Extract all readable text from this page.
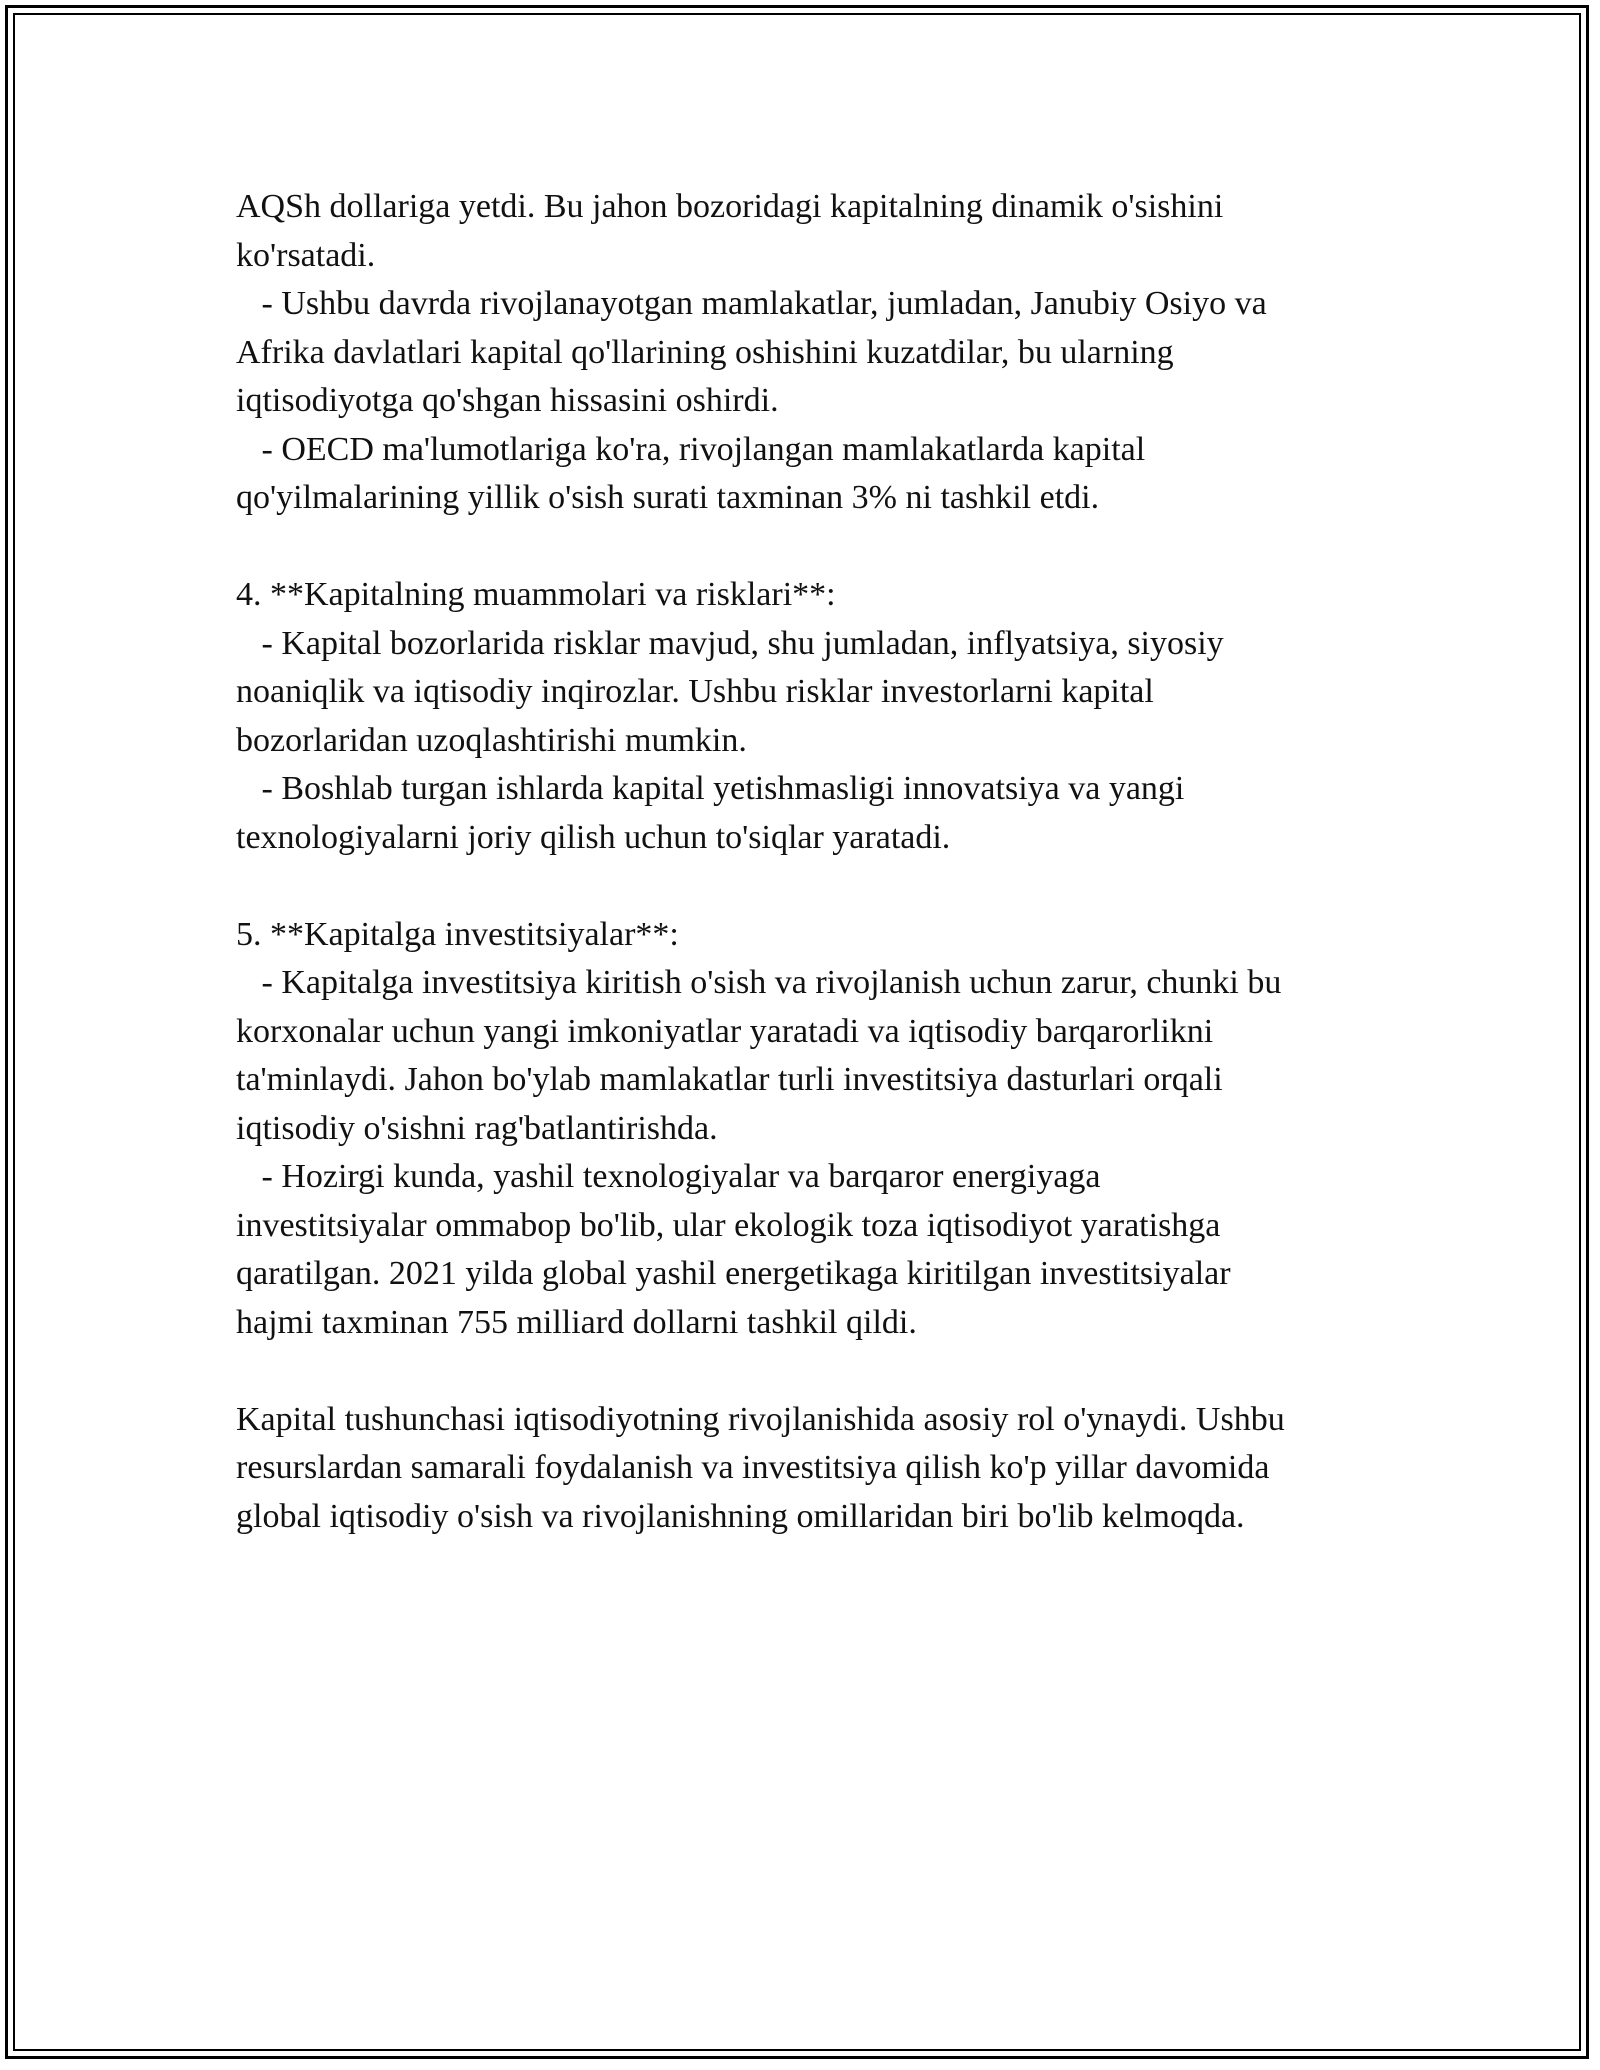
AQSh dollariga yetdi. Bu jahon bozoridagi kapitalning dinamik o'sishini
ko'rsatadi.
- Ushbu davrda rivojlanayotgan mamlakatlar, jumladan, Janubiy Osiyo va
Afrika davlatlari kapital qo'llarining oshishini kuzatdilar, bu ularning
iqtisodiyotga qo'shgan hissasini oshirdi.
- OECD ma'lumotlariga ko'ra, rivojlangan mamlakatlarda kapital
qo'yilmalarining yillik o'sish surati taxminan 3% ni tashkil etdi.
4. **Kapitalning muammolari va risklari**:
- Kapital bozorlarida risklar mavjud, shu jumladan, inflyatsiya, siyosiy
noaniqlik va iqtisodiy inqirozlar. Ushbu risklar investorlarni kapital
bozorlaridan uzoqlashtirishi mumkin.
- Boshlab turgan ishlarda kapital yetishmasligi innovatsiya va yangi
texnologiyalarni joriy qilish uchun to'siqlar yaratadi.
5. **Kapitalga investitsiyalar**:
- Kapitalga investitsiya kiritish o'sish va rivojlanish uchun zarur, chunki bu
korxonalar uchun yangi imkoniyatlar yaratadi va iqtisodiy barqarorlikni
ta'minlaydi. Jahon bo'ylab mamlakatlar turli investitsiya dasturlari orqali
iqtisodiy o'sishni rag'batlantirishda.
- Hozirgi kunda, yashil texnologiyalar va barqaror energiyaga
investitsiyalar ommabop bo'lib, ular ekologik toza iqtisodiyot yaratishga
qaratilgan. 2021 yilda global yashil energetikaga kiritilgan investitsiyalar
hajmi taxminan 755 milliard dollarni tashkil qildi.
Kapital tushunchasi iqtisodiyotning rivojlanishida asosiy rol o'ynaydi. Ushbu
resurslardan samarali foydalanish va investitsiya qilish ko'p yillar davomida
global iqtisodiy o'sish va rivojlanishning omillaridan biri bo'lib kelmoqda.
